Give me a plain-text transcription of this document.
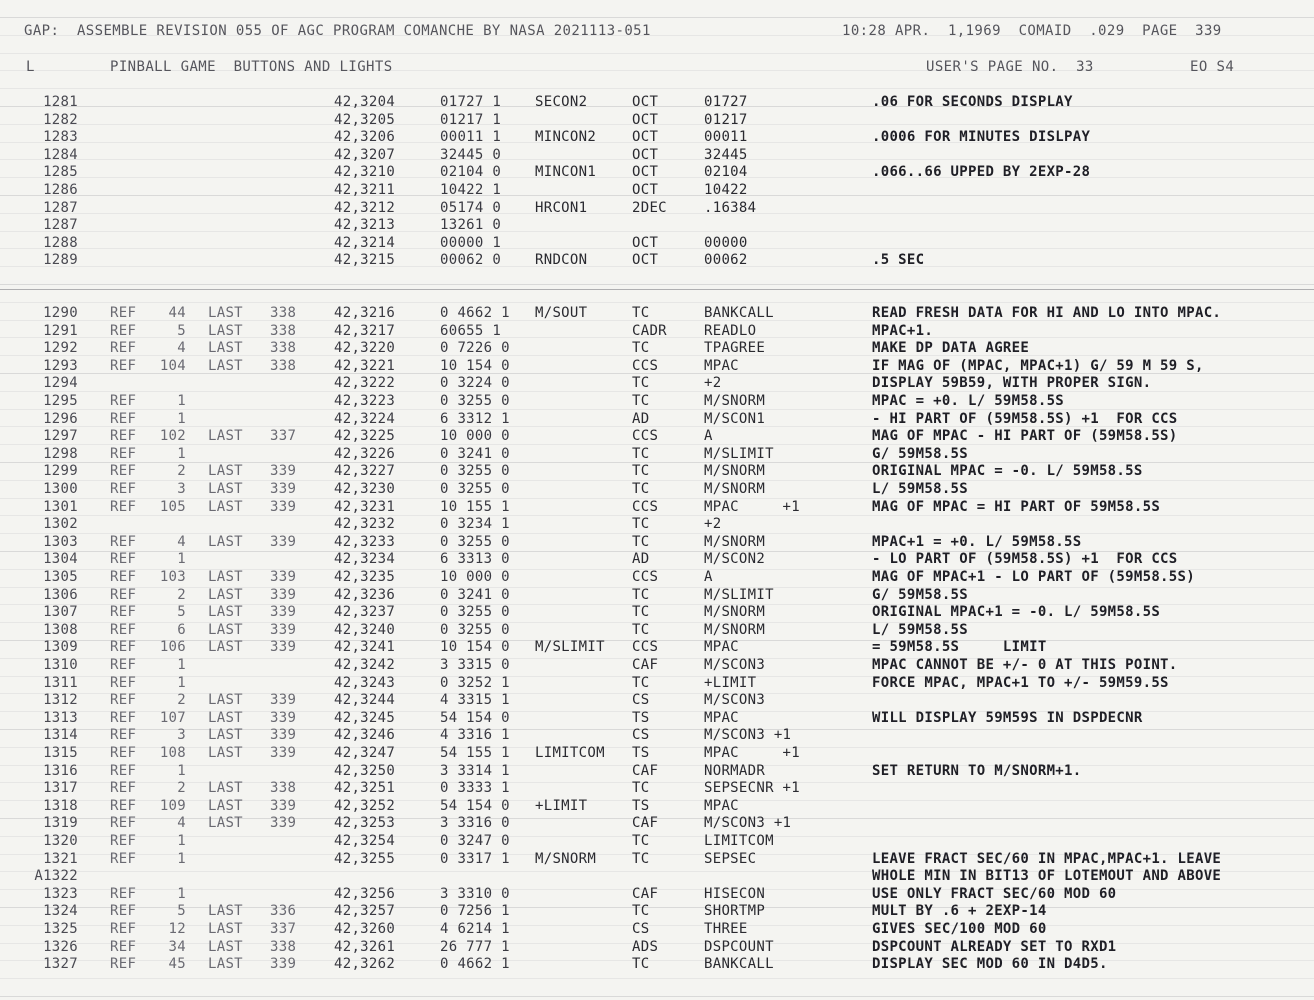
GAP:  ASSEMBLE REVISION 055 OF AGC PROGRAM COMANCHE BY NASA 2021113-051

	10:28 APR.  1,1969  COMAID  .029  PAGE  339

L

	PINBALL GAME  BUTTONS AND LIGHTS

	USER'S PAGE NO.  33

	EO S4

1281	42,3204	01727 1 SECON2	OCT	01727	.06 FOR SECONDS DISPLAY
1282	42,3205	01217 1	OCT	01217
1283	42,3206	00011 1 MINCON2	OCT	00011	.0006 FOR MINUTES DISLPAY
1284	42,3207	32445 0	OCT	32445
1285	42,3210	02104 0 MINCON1	OCT	02104	.066..66 UPPED BY 2EXP-28
1286	42,3211	10422 1	OCT	10422
1287	42,3212	05174 0 HRCON1	2DEC	.16384
1287	42,3213	13261 0
1288	42,3214	00000 1	OCT	00000
1289	42,3215	00062 0 RNDCON	OCT	00062	.5 SEC
1290 REF	44 LAST 338	42,3216	0 4662 1 M/SOUT	TC	BANKCALL	READ FRESH DATA FOR HI AND LO INTO MPAC.
1291 REF	5 LAST 338	42,3217	60655 1	CADR	READLO	MPAC+1.
1292 REF	4 LAST 338	42,3220	0 7226 0	TC	TPAGREE	MAKE DP DATA AGREE
1293 REF	104 LAST 338	42,3221	10 154 0	CCS	MPAC	IF MAG OF (MPAC, MPAC+1) G/ 59 M 59 S,
1294	42,3222	0 3224 0	TC	+2	DISPLAY 59B59, WITH PROPER SIGN.
1295 REF	1	42,3223	0 3255 0	TC	M/SNORM	MPAC = +0. L/ 59M58.5S
1296 REF	1	42,3224	6 3312 1	AD	M/SCON1	- HI PART OF (59M58.5S) +1  FOR CCS
1297 REF	102 LAST 337	42,3225	10 000 0	CCS	A	MAG OF MPAC - HI PART OF (59M58.5S)
1298 REF	1	42,3226	0 3241 0	TC	M/SLIMIT	G/ 59M58.5S
1299 REF	2 LAST 339	42,3227	0 3255 0	TC	M/SNORM	ORIGINAL MPAC = -0. L/ 59M58.5S
1300 REF	3 LAST 339	42,3230	0 3255 0	TC	M/SNORM	L/ 59M58.5S
1301 REF	105 LAST 339	42,3231	10 155 1	CCS	MPAC     +1	MAG OF MPAC = HI PART OF 59M58.5S
1302	42,3232	0 3234 1	TC	+2
1303 REF	4 LAST 339	42,3233	0 3255 0	TC	M/SNORM	MPAC+1 = +0. L/ 59M58.5S
1304 REF	1	42,3234	6 3313 0	AD	M/SCON2	- LO PART OF (59M58.5S) +1  FOR CCS
1305 REF	103 LAST 339	42,3235	10 000 0	CCS	A	MAG OF MPAC+1 - LO PART OF (59M58.5S)
1306 REF	2 LAST 339	42,3236	0 3241 0	TC	M/SLIMIT	G/ 59M58.5S
1307 REF	5 LAST 339	42,3237	0 3255 0	TC	M/SNORM	ORIGINAL MPAC+1 = -0. L/ 59M58.5S
1308 REF	6 LAST 339	42,3240	0 3255 0	TC	M/SNORM	L/ 59M58.5S
1309 REF	106 LAST 339	42,3241	10 154 0 M/SLIMIT CCS	MPAC	= 59M58.5S     LIMIT
1310 REF	1	42,3242	3 3315 0	CAF	M/SCON3	MPAC CANNOT BE +/- 0 AT THIS POINT.
1311 REF	1	42,3243	0 3252 1	TC	+LIMIT	FORCE MPAC, MPAC+1 TO +/- 59M59.5S
1312 REF	2 LAST 339	42,3244	4 3315 1	CS	M/SCON3
1313 REF	107 LAST 339	42,3245	54 154 0	TS	MPAC	WILL DISPLAY 59M59S IN DSPDECNR
1314 REF	3 LAST 339	42,3246	4 3316 1	CS	M/SCON3 +1
1315 REF	108 LAST 339	42,3247	54 155 1 LIMITCOM TS	MPAC     +1
1316 REF	1	42,3250	3 3314 1	CAF	NORMADR	SET RETURN TO M/SNORM+1.
1317 REF	2 LAST 338	42,3251	0 3333 1	TC	SEPSECNR +1
1318 REF	109 LAST 339	42,3252	54 154 0 +LIMIT	TS	MPAC
1319 REF	4 LAST 339	42,3253	3 3316 0	CAF	M/SCON3 +1
1320 REF	1	42,3254	0 3247 0	TC	LIMITCOM
1321 REF	1	42,3255	0 3317 1 M/SNORM	TC	SEPSEC	LEAVE FRACT SEC/60 IN MPAC,MPAC+1. LEAVE
A1322	WHOLE MIN IN BIT13 OF LOTEMOUT AND ABOVE
1323 REF	1	42,3256	3 3310 0	CAF	HISECON	USE ONLY FRACT SEC/60 MOD 60
1324 REF	5 LAST 336	42,3257	0 7256 1	TC	SHORTMP	MULT BY .6 + 2EXP-14
1325 REF	12 LAST 337	42,3260	4 6214 1	CS	THREE	GIVES SEC/100 MOD 60
1326 REF	34 LAST 338	42,3261	26 777 1	ADS	DSPCOUNT	DSPCOUNT ALREADY SET TO RXD1
1327 REF	45 LAST 339	42,3262	0 4662 1	TC	BANKCALL	DISPLAY SEC MOD 60 IN D4D5.
